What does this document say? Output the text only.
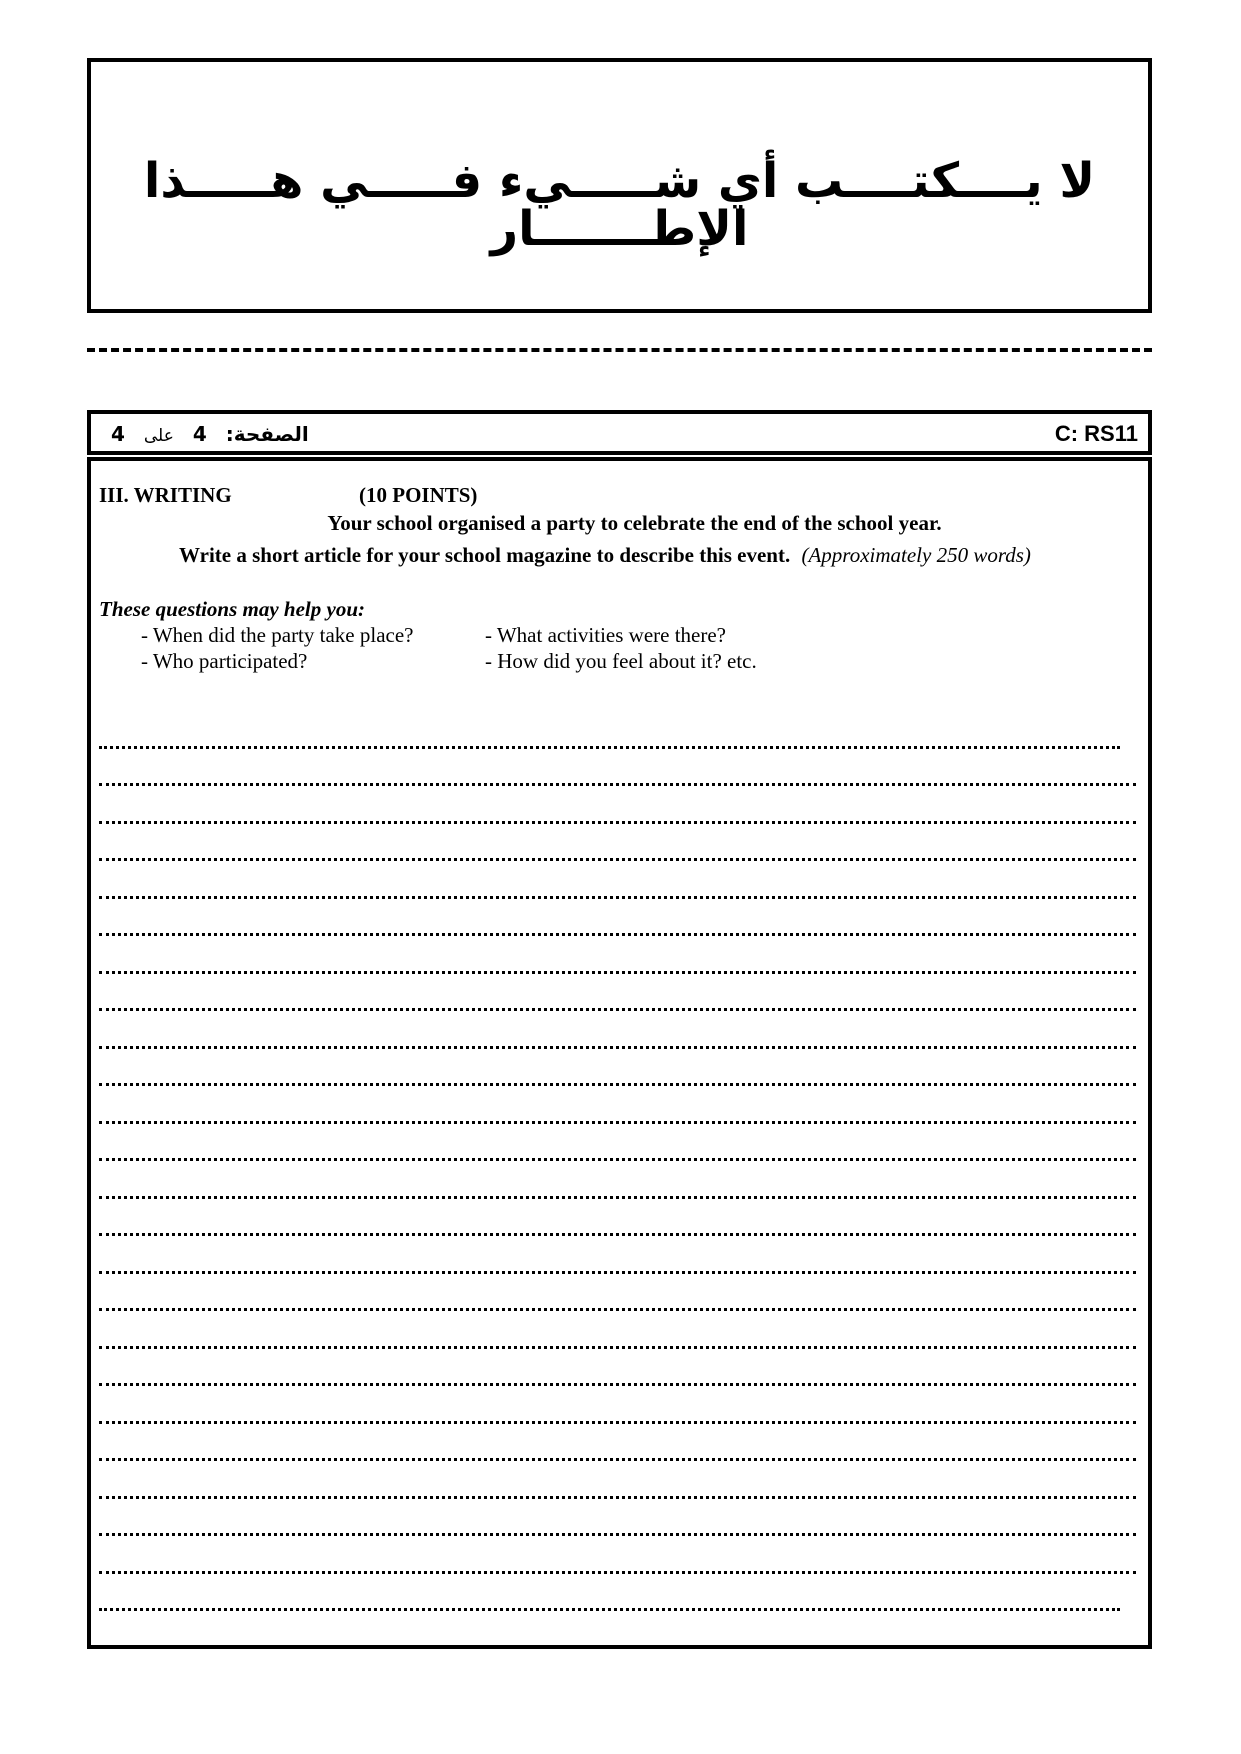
لا يــــكتــــب أي شـــــيء فـــــي هـــــذا الإطـــــــار
الصفحة: 4 على 4	C: RS11
III. WRITING	(10 POINTS)
Your school organised a party to celebrate the end of the school year.
Write a short article for your school magazine to describe this event. (Approximately 250 words)
These questions may help you:
- When did the party take place?	- What activities were there?
- Who participated?	- How did you feel about it? etc.
